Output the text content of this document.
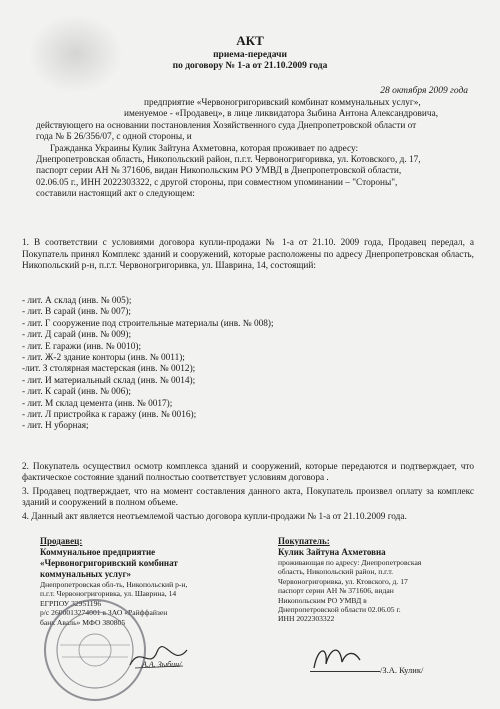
АКТ
приема-передачи
по договору № 1-а от 21.10.2009 года
28 октября 2009 года
предприятие «Червоногригоривский комбинат коммунальных услуг»,
именуемое - «Продавец», в лице ликвидатора Зыбина Антона Александровича,
действующего на основании постановления Хозяйственного суда Днепропетровской области от
года № Б 26/356/07, с одной стороны, и
Гражданка Украины Кулик Зайтуна Ахметовна, которая проживает по адресу:
Днепропетровская область, Никопольский район, п.г.т. Червоногригоривка, ул. Котовского, д. 17,
паспорт серии АН № 371606, видан Никопольским РО УМВД в Днепропетровской области,
02.06.05 г., ИНН 2022303322, с другой стороны, при совместном упоминании – "Стороны",
составили настоящий акт о следующем:
1. В соответствии с условиями договора купли-продажи № 1-а от 21.10. 2009 года, Продавец передал, а Покупатель принял Комплекс зданий и сооружений, которые расположены по адресу Днепропетровская область, Никопольский р-н, п.г.т. Червоногригоривка, ул. Шаврина, 14, состоящий:
- лит. А склад (инв. № 005);
- лит. В сарай (инв. № 007);
- лит. Г сооружение под строительные материалы (инв. № 008);
- лит. Д сарай (инв. № 009);
- лит. Е гаражи (инв. № 0010);
- лит. Ж-2 здание конторы (инв. № 0011);
-лит. З столярная мастерская (инв. № 0012);
- лит. И материальный склад (инв. № 0014);
- лит. К сарай (инв. № 006);
- лит. М склад цемента (инв. № 0017);
- лит. Л пристройка к гаражу (инв. № 0016);
- лит. Н уборная;

2. Покупатель осуществил осмотр комплекса зданий и сооружений, которые передаются и подтверждает, что фактическое состояние зданий полностью соответствует условиям договора .

3. Продавец подтверждает, что на момент составления данного акта, Покупатель произвел оплату за комплекс зданий и сооружений в полном объеме.

4. Данный акт является неотъемлемой частью договора купли-продажи № 1-а от 21.10.2009 года.

Продавец:
Коммунальное предприятие
«Червоногригоривский комбинат
коммунальных услуг»
Днепропетровская обл-ть, Никопольский р-н,
п.г.т. Червоногригоривка, ул. Шаврина, 14
ЕГРПОУ 32951196
р/с 2600013274001 в ЗАО «Райффайзен
банк Аваль» МФО 380805
А.А. Зыбин/
Покупатель:
Кулик Зайтуна Ахметовна
проживающая по адресу: Днепропетровская
область, Никопольский район, п.г.т.
Червоногригоривка, ул. Ктовского, д. 17
паспорт серии АН № 371606, видан
Никопольским РО УМВД в
Днепропетровской области 02.06.05 г.
ИНН 2022303322
/З.А. Кулик/
